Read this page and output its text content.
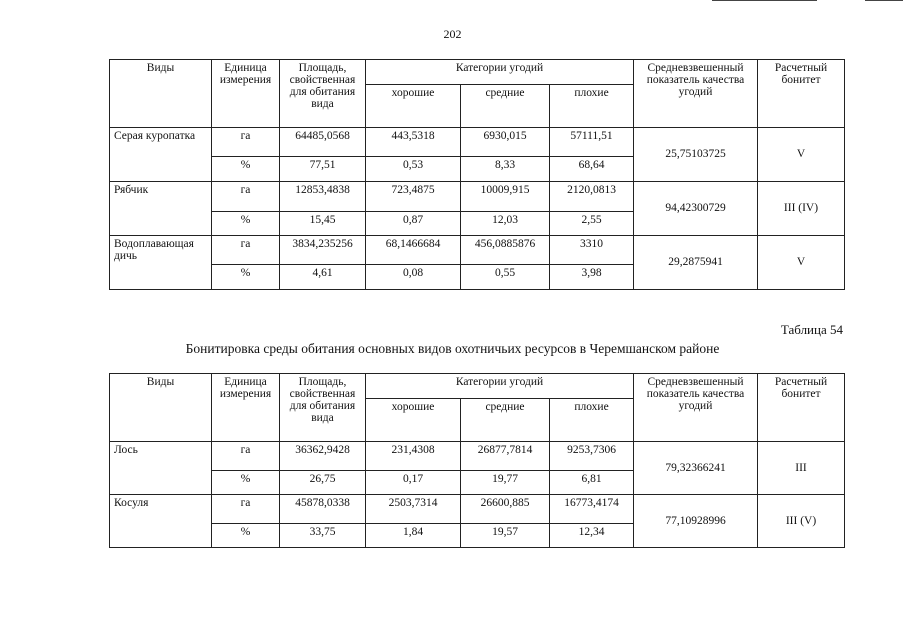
202
Виды	Единица измерения	Площадь, свойственная для обитания вида	Категории угодий			Средневзвешенный показатель качества угодий	Расчетный бонитет
			хорошие	средние	плохие		
Серая куропатка	га	64485,0568	443,5318	6930,015	57111,51	25,75103725	V
	%	77,51	0,53	8,33	68,64		
Рябчик	га	12853,4838	723,4875	10009,915	2120,0813	94,42300729	III (IV)
	%	15,45	0,87	12,03	2,55		
Водоплавающая дичь	га	3834,235256	68,1466684	456,0885876	3310	29,2875941	V
	%	4,61	0,08	0,55	3,98		
Таблица 54
Бонитировка среды обитания основных видов охотничьих ресурсов в Черемшанском районе
Виды	Единица измерения	Площадь, свойственная для обитания вида	Категории угодий			Средневзвешенный показатель качества угодий	Расчетный бонитет
			хорошие	средние	плохие		
Лось	га	36362,9428	231,4308	26877,7814	9253,7306	79,32366241	III
	%	26,75	0,17	19,77	6,81		
Косуля	га	45878,0338	2503,7314	26600,885	16773,4174	77,10928996	III (V)
	%	33,75	1,84	19,57	12,34		
